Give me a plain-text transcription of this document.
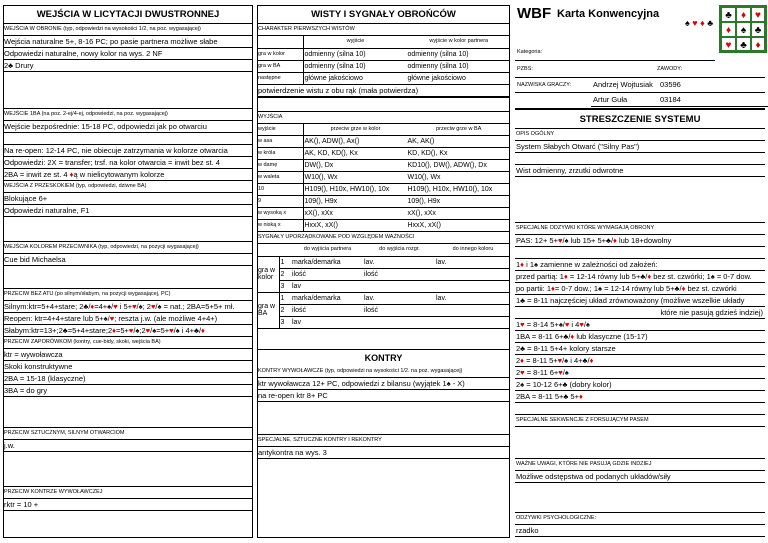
WEJŚCIA W LICYTACJI DWUSTRONNEJ
WEJŚCIA W OBRONIE (typ, odpowiedzi na wysokości 1/2, na poz. wygasającej)
Wejścia naturalne 5+, 8-16 PC; po pasie partnera możliwe słabe
Odpowiedzi naturalne, nowy kolor na wys. 2 NF
2♣ Drury
WEJŚCIE 1BA (na poz. 2-ej/4-ej, odpowiedzi, na poz. wygasającej)
Wejście bezpośrednie: 15-18 PC, odpowiedzi jak po otwarciu
Na re-open: 12-14 PC, nie obiecuje zatrzymania w kolorze otwarcia
Odpowiedzi: 2X = transfer; trsf. na kolor otwarcia = inwit bez st. 4
2BA = inwit ze st. 4 ♦ą w nielicytowanym kolorze
WEJŚCIA Z PRZESKOKIEM (typ, odpowiedzi, dziwne BA)
Blokujące 6+
Odpowiedzi naturalne, F1
WEJŚCIA KOLOREM PRZECIWNIKA (typ, odpowiedzi, na pozycji wygasającej)
Cue bid Michaelsa
PRZECIW BEZ ATU (po silnym/słabym, na pozycji wygasającej, PC)
Silnym:ktr=5+4+stare; 2♣/♦=4+♠/♥ i 5+♥/♠; 2♥/♠ = nat.; 2BA=5+5+ mł.
Reopen: ktr=4+4+stare lub 5+♠/♥; reszta j.w. (ale możliwe 4+4+)
Słabym:ktr=13+;2♣=5+4+stare;2♦=5+♥/♠;2♥/♠=5+♥/♠ i 4+♣/♦
PRZECIW ZAPORÓWKOM (kontry, cue-bidy, skoki, wejścia BA)
ktr = wywoławcza
Skoki konstruktywne
2BA = 15-18 (klasyczne)
3BA = do gry
PRZECIW SZTUCZNYM, SILNYM OTWARCIOM
j.w.
PRZECIW KONTRZE WYWOŁAWCZEJ
rktr = 10 +
WISTY I SYGNAŁY OBROŃCÓW
CHARAKTER PIERWSZYCH WISTÓW
	wyjście	wyjście w kolor partnera
gra w kolor	odmienny (silna 10)	odmienny (silna 10)
gra w BA	odmienny (silna 10)	odmienny (silna 10)
następne	główne jakościowo	główne jakościowo
potwierdzenie wistu z obu rąk (mała potwierdza)
WYJŚCIA
wyjście	przeciw grze w kolor	przeciw grze w BA
w asa	AK(), ADW(), Ax()	AK, AK()
w króla	AK, KD, KD(), Kx	KD, KD(), Kx
w damę	DW(), Dx	KD10(), DW(), ADW(), Dx
w waleta	W10(), Wx	W10(), Wx
10	H109(), H10x, HW10(), 10x	H109(), H10x, HW10(), 10x
9	109(), H9x	109(), H9x
w wysoką x	xX(), xXx	xX(), xXx
w niską x	HxxX, xX()	HxxX, xX()
SYGNAŁY UPORZĄDKOWANE POD WZGLĘDEM WAŻNOŚCI
		do wyjścia partnera	do wyjścia rozgr.	do innego koloru
gra w kolor	1	marka/demarka	lav.	lav.
	2	ilość	ilość	
	3	lav		
gra w BA	1	marka/demarka	lav.	lav.
	2	ilość	ilość	
	3	lav		
KONTRY
KONTRY WYWOŁAWCZE (typ, odpowiedzi na wysokości 1/2. na poz. wygasającej)
ktr wywoławcza 12+ PC, odpowiedzi z bilansu (wyjątek 1♠ - X)
na re-open ktr 8+ PC
SPECJALNE, SZTUCZNE KONTRY I REKONTRY
antykontra na wys. 3
WBF Karta Konwencyjna
♠ ♥ ♦ ♣
♣ ♦ ♥
♦ ♠ ♣
♥ ♣ ♦
Kategoria:
PZBS:	ZAWODY:
NAZWISKA GRACZY:	Andrzej Wojtusiak 03596
Artur Guła	03184
STRESZCZENIE SYSTEMU
OPIS OGÓLNY
System Słabych Otwarć ("Silny Pas")
Wist odmienny, zrzutki odwrotne
SPECJALNE ODZYWKI KTÓRE WYMAGAJĄ OBRONY
PAS: 12+ 5+♥/♠ lub 15+ 5+♣/♦ lub 18+dowolny
1♦ i 1♠ zamienne w zależności od założeń:
przed partią: 1♦ = 12-14 równy lub 5+♣/♦ bez st. czwórki; 1♠ = 0-7 dow.
po partii: 1♦= 0-7 dow.; 1♠ = 12-14 równy lub 5+♣/♦ bez st. czwórki
1♣ = 8-11 najczęściej układ zrównoważony (możliwe wszelkie układy
które nie pasują gdzieś indziej)
1♥ = 8-14 5+♠/♥ i 4♥/♠
1BA = 8-11 6+♣/♦ lub klasyczne (15-17)
2♣ = 8-11 5+4+ kolory starsze
2♦ = 8-11 5+♥/♠ i 4+♣/♦
2♥ = 8-11 6+♥/♠
2♠ = 10-12 6+♣ (dobry kolor)
2BA = 8-11 5+♣ 5+♦
SPECJALNE SEKWENCJE Z FORSUJĄCYM PASEM
WAŻNE UWAGI, KTÓRE NIE PASUJĄ GDZIE INDZIEJ
Możliwe odstępstwa od podanych układów/siły
ODZYWKI PSYCHOLOGICZNE:
rzadko
